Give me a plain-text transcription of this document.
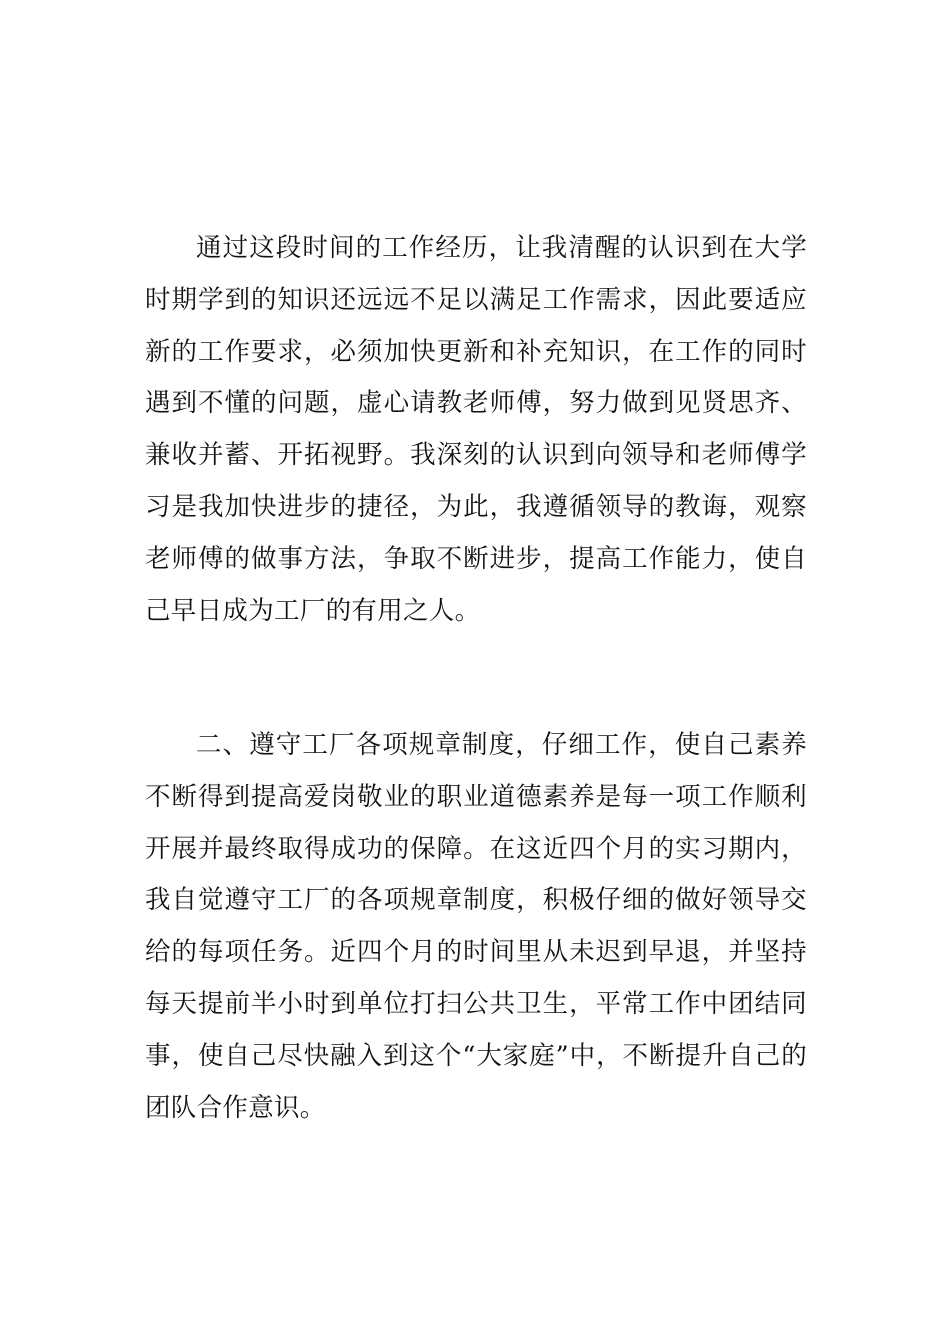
通过这段时间的工作经历，让我清醒的认识到在大学时期学到的知识还远远不足以满足工作需求，因此要适应新的工作要求，必须加快更新和补充知识，在工作的同时遇到不懂的问题，虚心请教老师傅，努力做到见贤思齐、兼收并蓄、开拓视野。我深刻的认识到向领导和老师傅学习是我加快进步的捷径，为此，我遵循领导的教诲，观察老师傅的做事方法，争取不断进步，提高工作能力，使自己早日成为工厂的有用之人。

二、遵守工厂各项规章制度，仔细工作，使自己素养不断得到提高爱岗敬业的职业道德素养是每一项工作顺利开展并最终取得成功的保障。在这近四个月的实习期内，我自觉遵守工厂的各项规章制度，积极仔细的做好领导交给的每项任务。近四个月的时间里从未迟到早退，并坚持每天提前半小时到单位打扫公共卫生，平常工作中团结同事，使自己尽快融入到这个“大家庭”中，不断提升自己的团队合作意识。
